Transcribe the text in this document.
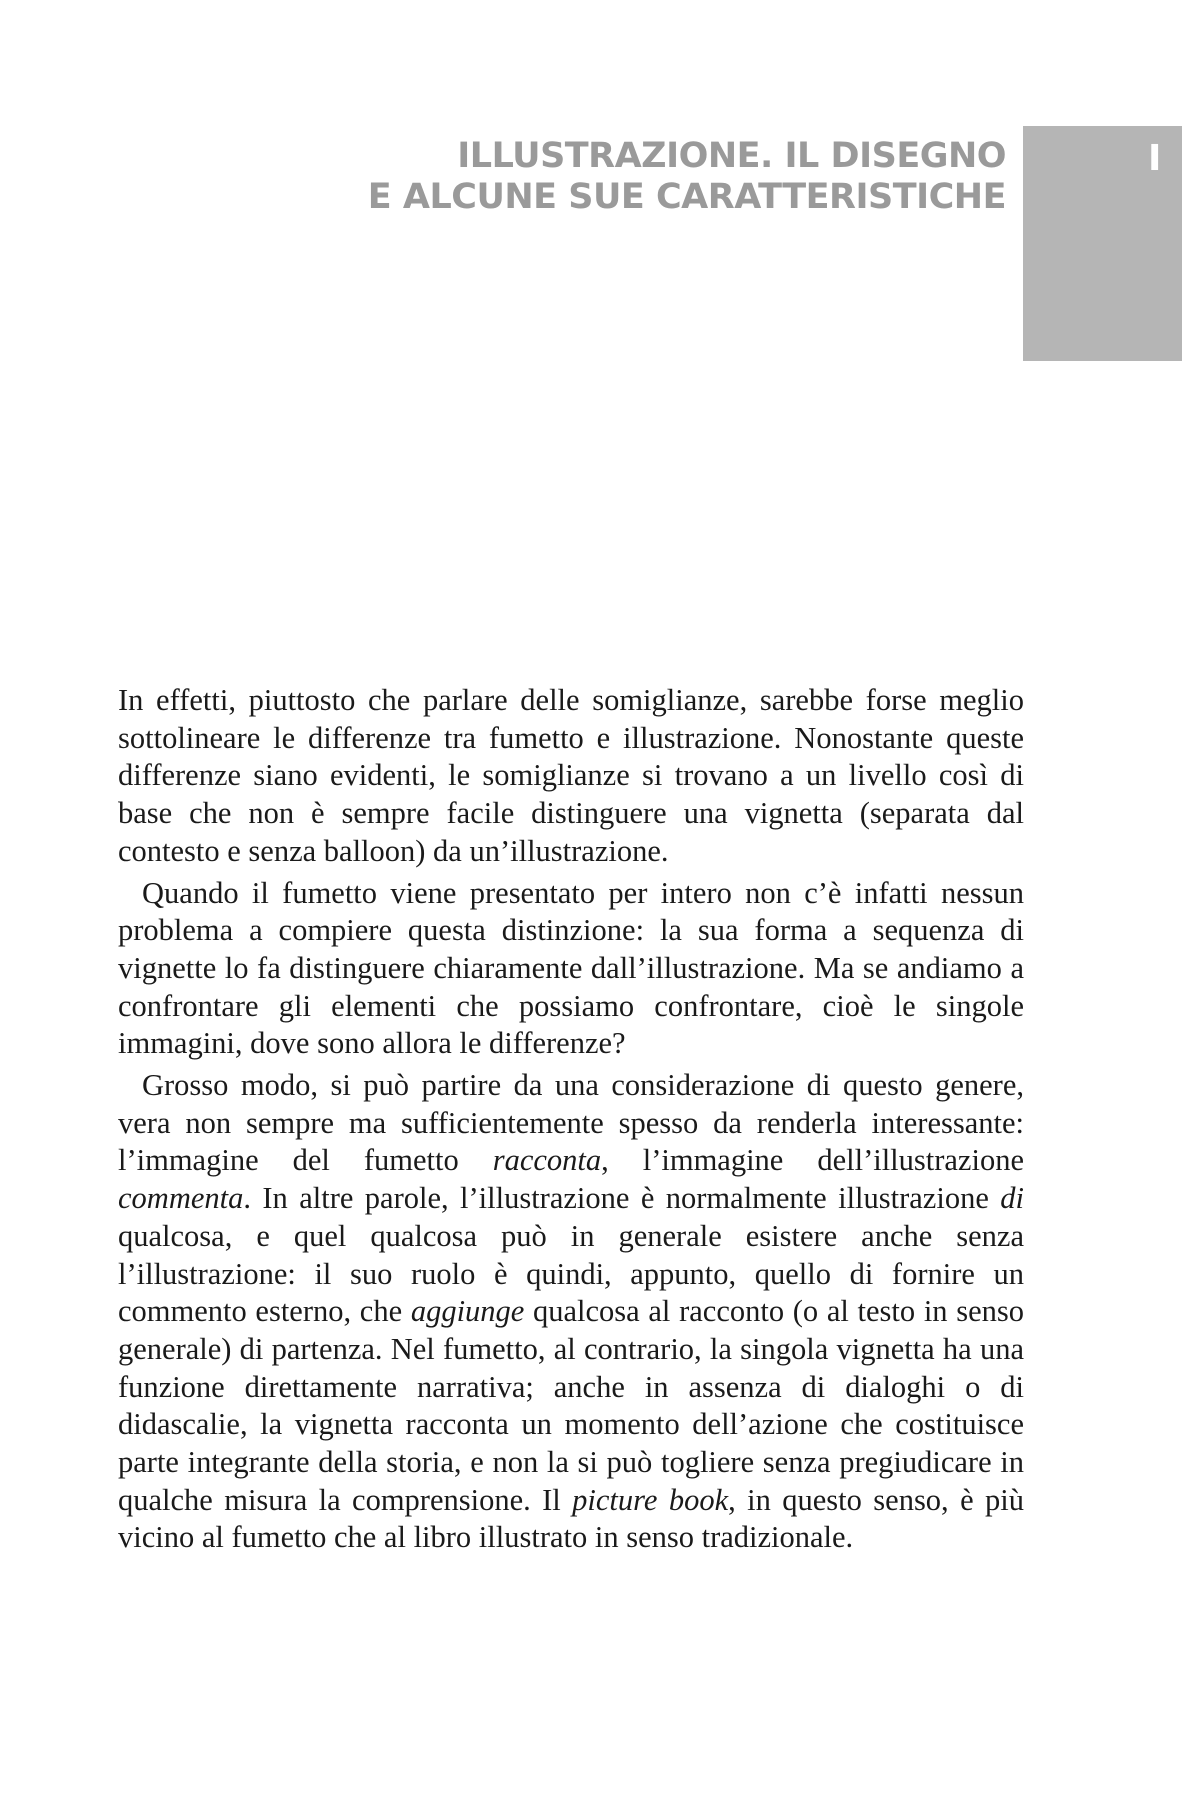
ILLUSTRAZIONE. IL DISEGNO
E ALCUNE SUE CARATTERISTICHE
I

In effetti, piuttosto che parlare delle somiglianze, sarebbe forse meglio sottolineare le differenze tra fumetto e illustrazione. Nonostante queste differenze siano evidenti, le somiglianze si trovano a un livello così di base che non è sempre facile distinguere una vignetta (separata dal contesto e senza balloon) da un’illustrazione.

Quando il fumetto viene presentato per intero non c’è infatti nessun problema a compiere questa distinzione: la sua forma a sequenza di vignette lo fa distinguere chiaramente dall’illustrazione. Ma se andiamo a confrontare gli elementi che possiamo confrontare, cioè le singole immagini, dove sono allora le differenze?

Grosso modo, si può partire da una considerazione di questo genere, vera non sempre ma sufficientemente spesso da renderla interessante: l’immagine del fumetto racconta, l’immagine dell’illustrazione commenta. In altre parole, l’illustrazione è normalmente illustrazione di qualcosa, e quel qualcosa può in generale esistere anche senza l’illustrazione: il suo ruolo è quindi, appunto, quello di fornire un commento esterno, che aggiunge qualcosa al racconto (o al testo in senso generale) di partenza. Nel fumetto, al contrario, la singola vignetta ha una funzione direttamente narrativa; anche in assenza di dialoghi o di didascalie, la vignetta racconta un momento dell’azione che costituisce parte integrante della storia, e non la si può togliere senza pregiudicare in qualche misura la comprensione. Il picture book, in questo senso, è più vicino al fumetto che al libro illustrato in senso tradizionale.
